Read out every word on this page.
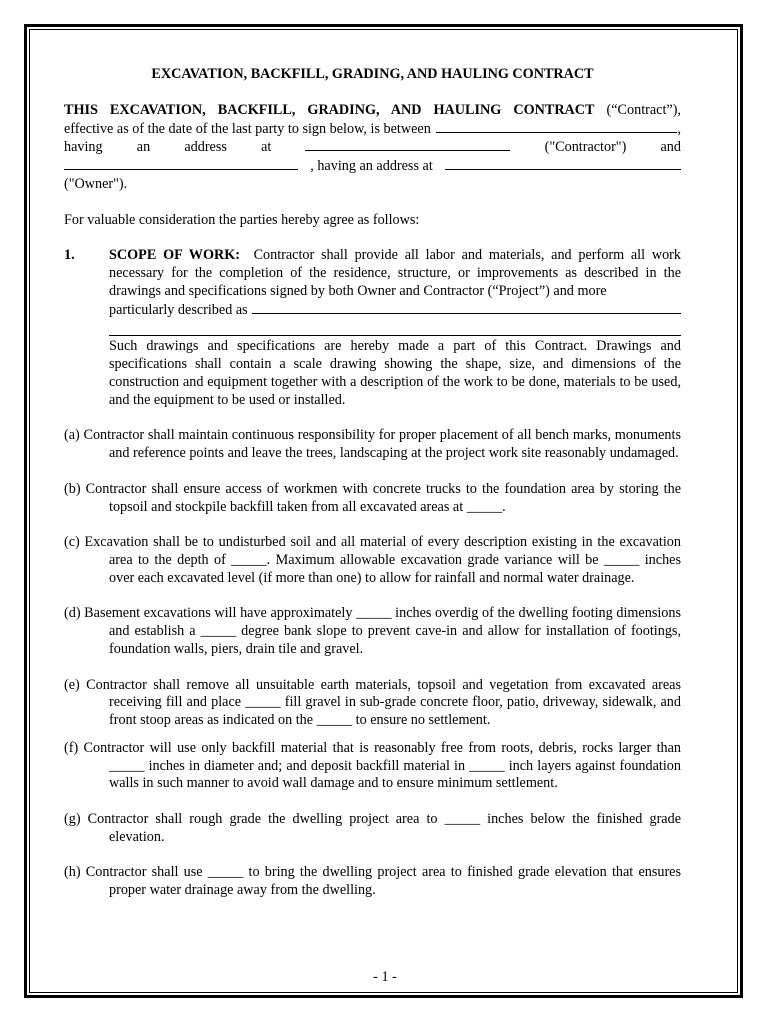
EXCAVATION, BACKFILL, GRADING, AND HAULING CONTRACT
THIS EXCAVATION, BACKFILL, GRADING, AND HAULING CONTRACT (“Contract”),
effective as of the date of the last party to sign below, is between	,
having an address at	("Contractor") and
, having an address at
("Owner").
For valuable consideration the parties hereby agree as follows:
1.	SCOPE OF WORK: Contractor shall provide all labor and materials, and perform all work necessary for the completion of the residence, structure, or improvements as described in the drawings and specifications signed by both Owner and Contractor (“Project”) and more
particularly described as
Such drawings and specifications are hereby made a part of this Contract. Drawings and specifications shall contain a scale drawing showing the shape, size, and dimensions of the construction and equipment together with a description of the work to be done, materials to be used, and the equipment to be used or installed.
(a) Contractor shall maintain continuous responsibility for proper placement of all bench marks, monuments and reference points and leave the trees, landscaping at the project work site reasonably undamaged.
(b) Contractor shall ensure access of workmen with concrete trucks to the foundation area by storing the topsoil and stockpile backfill taken from all excavated areas at _____.
(c) Excavation shall be to undisturbed soil and all material of every description existing in the excavation area to the depth of _____. Maximum allowable excavation grade variance will be _____ inches over each excavated level (if more than one) to allow for rainfall and normal water drainage.
(d) Basement excavations will have approximately _____ inches overdig of the dwelling footing dimensions and establish a _____ degree bank slope to prevent cave-in and allow for installation of footings, foundation walls, piers, drain tile and gravel.
(e) Contractor shall remove all unsuitable earth materials, topsoil and vegetation from excavated areas receiving fill and place _____ fill gravel in sub-grade concrete floor, patio, driveway, sidewalk, and front stoop areas as indicated on the _____ to ensure no settlement.
(f) Contractor will use only backfill material that is reasonably free from roots, debris, rocks larger than _____ inches in diameter and; and deposit backfill material in _____ inch layers against foundation walls in such manner to avoid wall damage and to ensure minimum settlement.
(g) Contractor shall rough grade the dwelling project area to _____ inches below the finished grade elevation.
(h) Contractor shall use _____ to bring the dwelling project area to finished grade elevation that ensures proper water drainage away from the dwelling.
- 1 -
